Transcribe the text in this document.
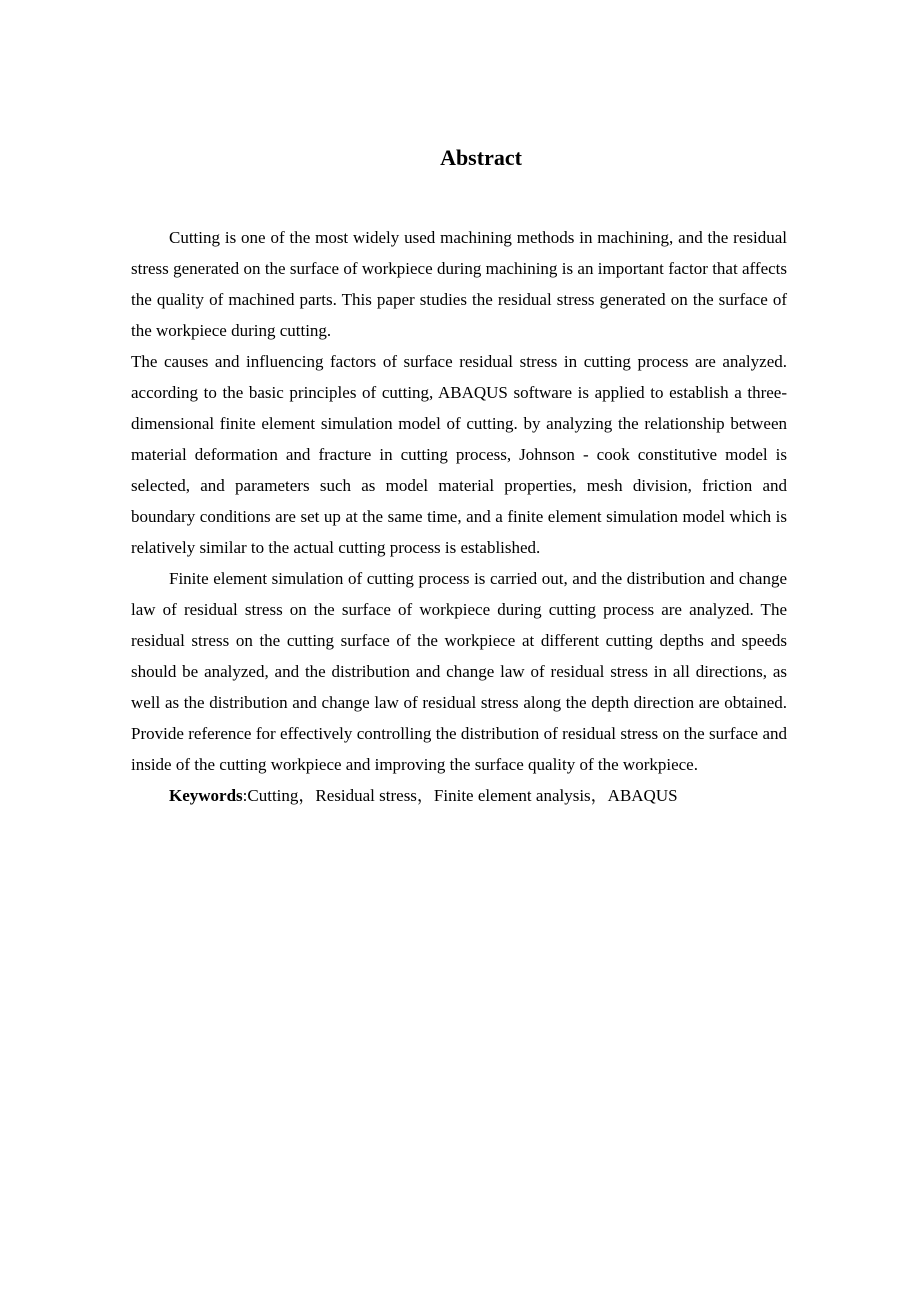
Abstract

Cutting is one of the most widely used machining methods in machining, and the residual stress generated on the surface of workpiece during machining is an important factor that affects the quality of machined parts. This paper studies the residual stress generated on the surface of the workpiece during cutting.

The causes and influencing factors of surface residual stress in cutting process are analyzed. according to the basic principles of cutting, ABAQUS software is applied to establish a three-dimensional finite element simulation model of cutting. by analyzing the relationship between material deformation and fracture in cutting process, Johnson - cook constitutive model is selected, and parameters such as model material properties, mesh division, friction and boundary conditions are set up at the same time, and a finite element simulation model which is relatively similar to the actual cutting process is established.

Finite element simulation of cutting process is carried out, and the distribution and change law of residual stress on the surface of workpiece during cutting process are analyzed. The residual stress on the cutting surface of the workpiece at different cutting depths and speeds should be analyzed, and the distribution and change law of residual stress in all directions, as well as the distribution and change law of residual stress along the depth direction are obtained. Provide reference for effectively controlling the distribution of residual stress on the surface and inside of the cutting workpiece and improving the surface quality of the workpiece.

Keywords:Cutting，Residual stress，Finite element analysis，ABAQUS
